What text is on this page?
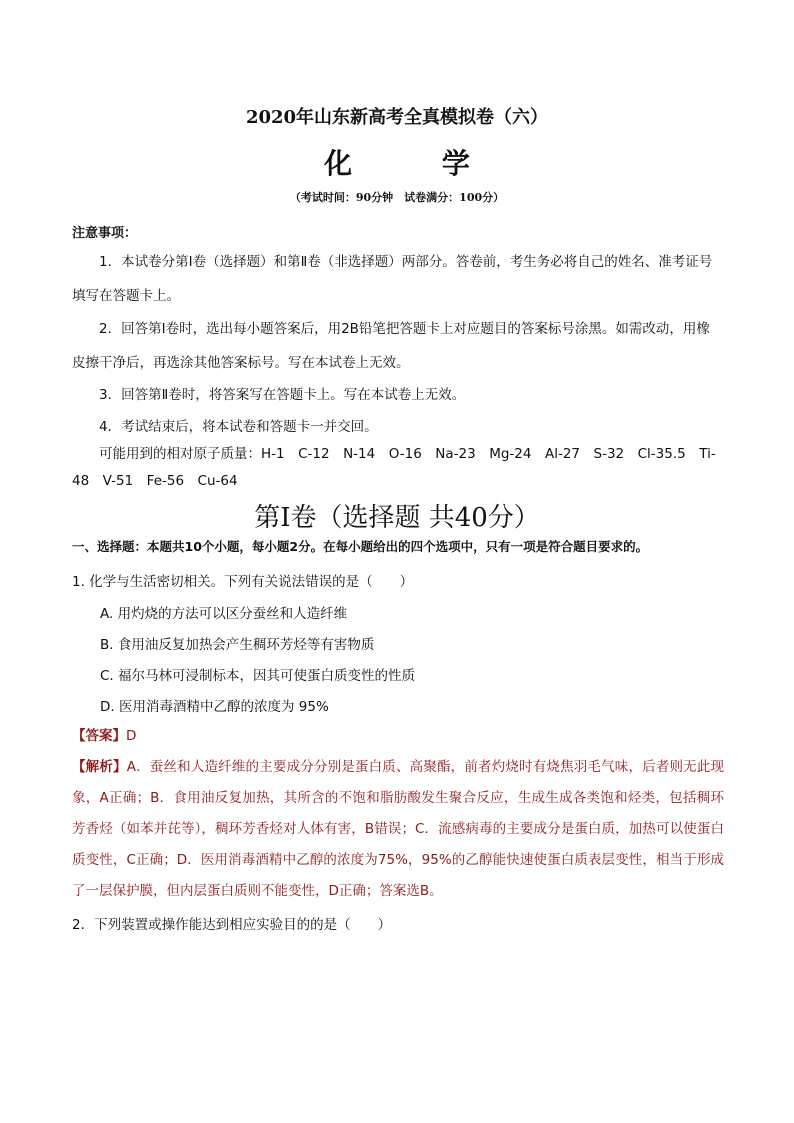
2020年山东新高考全真模拟卷（六）
化 学
（考试时间：90分钟　试卷满分：100分）
注意事项：
1．本试卷分第Ⅰ卷（选择题）和第Ⅱ卷（非选择题）两部分。答卷前，考生务必将自己的姓名、准考证号填写在答题卡上。
2．回答第Ⅰ卷时，选出每小题答案后，用2B铅笔把答题卡上对应题目的答案标号涂黑。如需改动，用橡皮擦干净后，再选涂其他答案标号。写在本试卷上无效。
3．回答第Ⅱ卷时，将答案写在答题卡上。写在本试卷上无效。
4．考试结束后，将本试卷和答题卡一并交回。
可能用到的相对原子质量：H-1　C-12　N-14　O-16　Na-23　Mg-24　Al-27　S-32　Cl-35.5　Ti-48　V-51　Fe-56　Cu-64
第Ⅰ卷（选择题 共40分）
一、选择题：本题共10个小题，每小题2分。在每小题给出的四个选项中，只有一项是符合题目要求的。
1. 化学与生活密切相关。下列有关说法错误的是（　　）
A. 用灼烧的方法可以区分蚕丝和人造纤维
B. 食用油反复加热会产生稠环芳烃等有害物质
C. 福尔马林可浸制标本，因其可使蛋白质变性的性质
D. 医用消毒酒精中乙醇的浓度为 95%
【答案】D
【解析】A．蚕丝和人造纤维的主要成分分别是蛋白质、高聚酯，前者灼烧时有烧焦羽毛气味，后者则无此现象，A正确；B．食用油反复加热，其所含的不饱和脂肪酸发生聚合反应，生成生成各类饱和烃类，包括稠环芳香烃（如苯并芘等），稠环芳香烃对人体有害，B错误；C．流感病毒的主要成分是蛋白质，加热可以使蛋白质变性，C正确；D．医用消毒酒精中乙醇的浓度为75%，95%的乙醇能快速使蛋白质表层变性，相当于形成了一层保护膜，但内层蛋白质则不能变性，D正确；答案选B。
2．下列装置或操作能达到相应实验目的的是（　　）
